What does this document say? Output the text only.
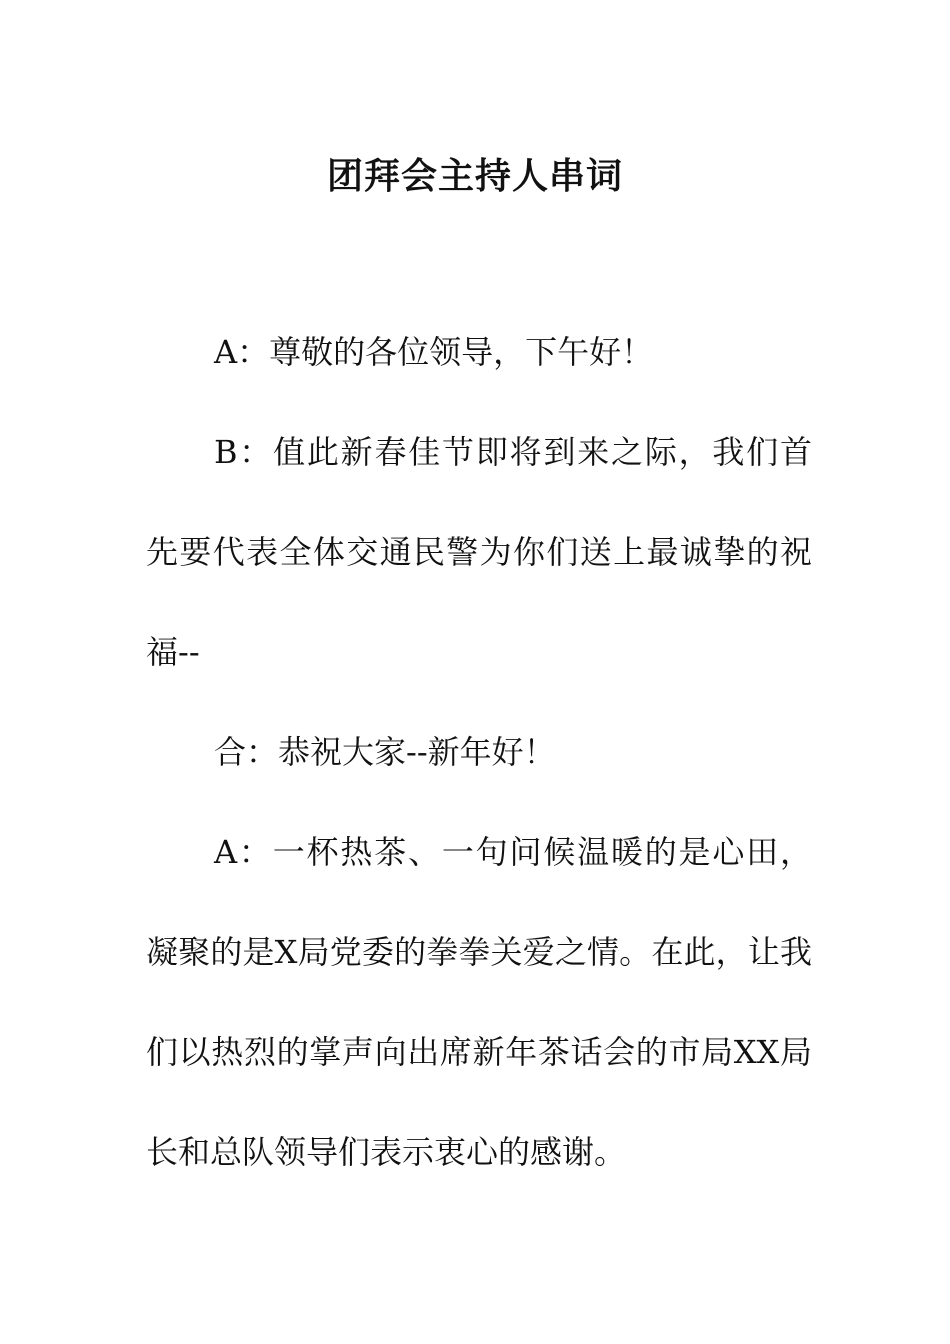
团拜会主持人串词

A：尊敬的各位领导，下午好！

B：值此新春佳节即将到来之际，我们首先要代表全体交通民警为你们送上最诚挚的祝福--

合：恭祝大家--新年好！

A：一杯热茶、一句问候温暖的是心田，凝聚的是X局党委的拳拳关爱之情。在此，让我们以热烈的掌声向出席新年茶话会的市局XX局长和总队领导们表示衷心的感谢。
